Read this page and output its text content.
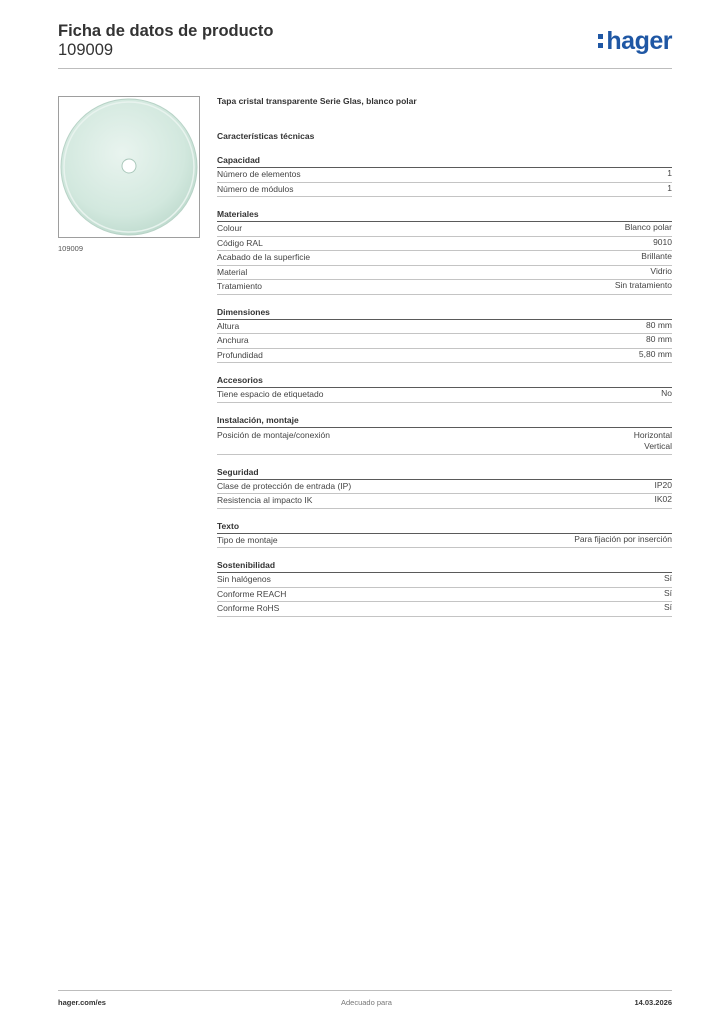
Ficha de datos de producto
109009	hager
109009
Tapa cristal transparente Serie Glas, blanco polar
Características técnicas
Capacidad
Número de elementos	1
Número de módulos	1
Materiales
Colour	Blanco polar
Código RAL	9010
Acabado de la superficie	Brillante
Material	Vidrio
Tratamiento	Sin tratamiento
Dimensiones
Altura	80 mm
Anchura	80 mm
Profundidad	5,80 mm
Accesorios
Tiene espacio de etiquetado	No
Instalación, montaje
Posición de montaje/conexión	Horizontal
Vertical
Seguridad
Clase de protección de entrada (IP)	IP20
Resistencia al impacto IK	IK02
Texto
Tipo de montaje	Para fijación por inserción
Sostenibilidad
Sin halógenos	Sí
Conforme REACH	Sí
Conforme RoHS	Sí
hager.com/es	Adecuado para	14.03.2026
